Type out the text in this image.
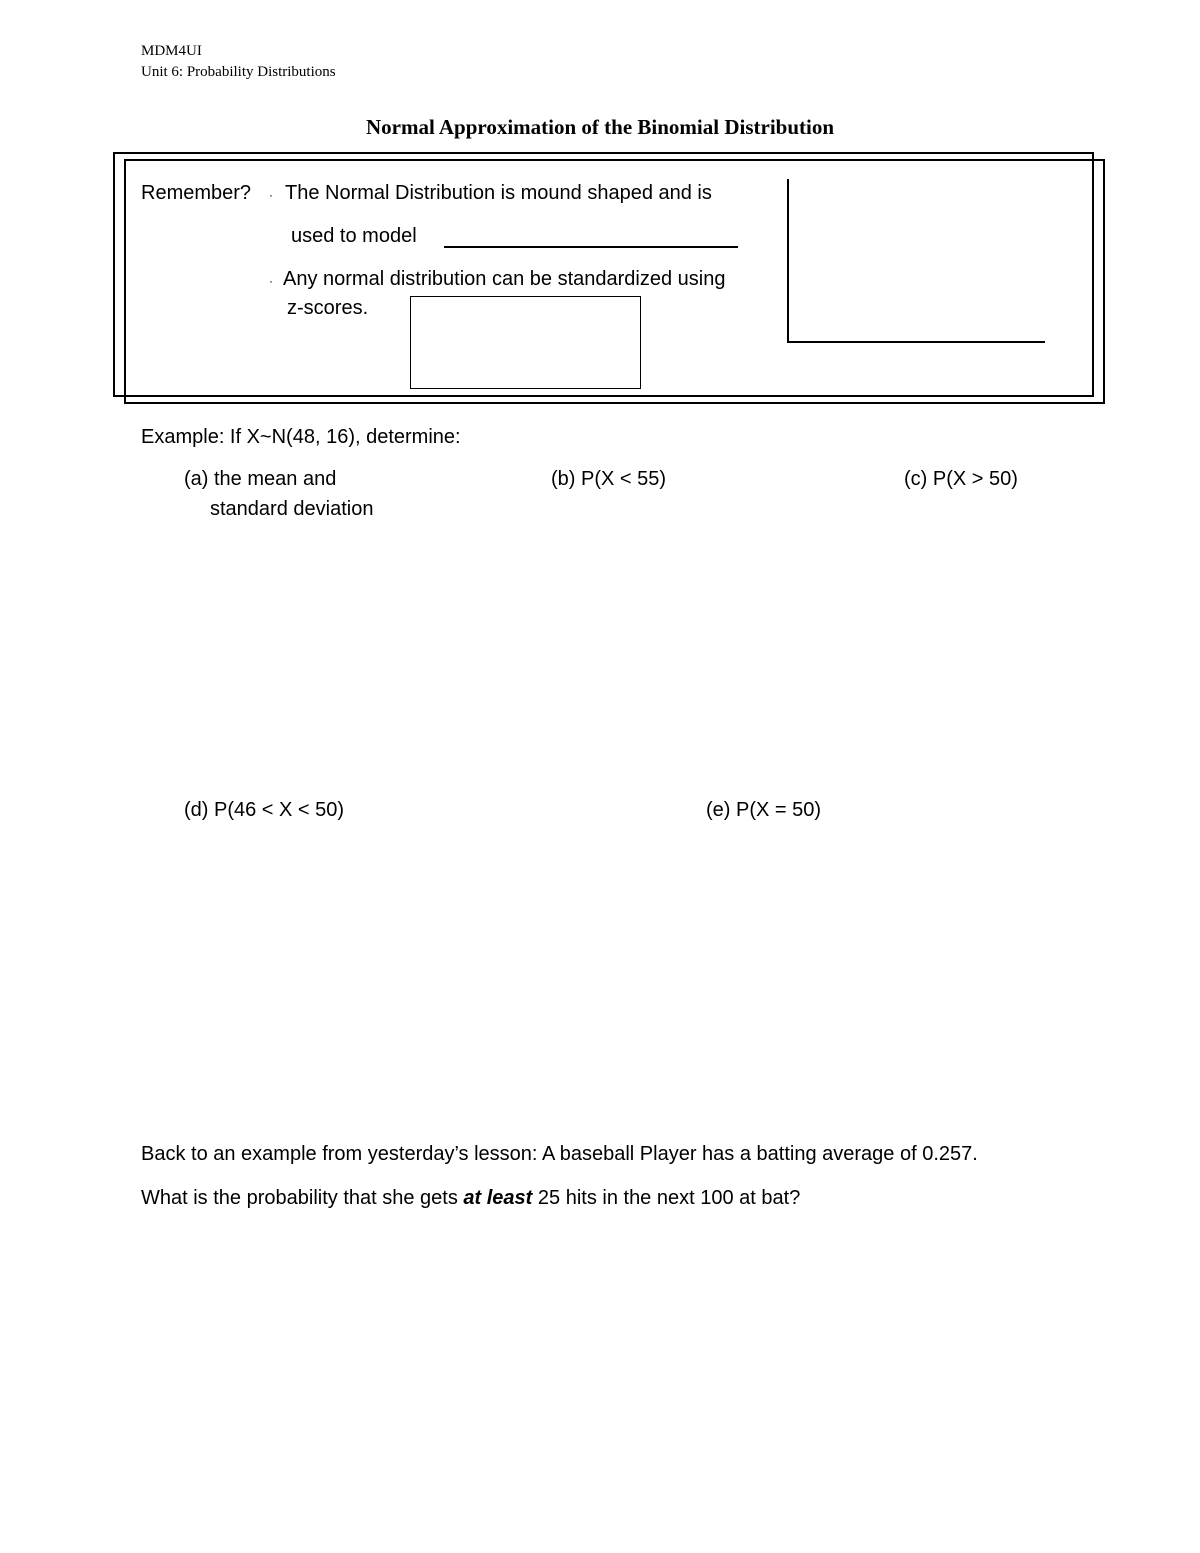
MDM4UI
Unit 6: Probability Distributions
Normal Approximation of the Binomial Distribution
Remember? · The Normal Distribution is mound shaped and is
used to model
· Any normal distribution can be standardized using
z-scores.
Example: If X~N(48, 16), determine:
(a) the mean and
standard deviation
(b) P(X < 55)	(c) P(X > 50)
(d) P(46 < X < 50)	(e) P(X = 50)
Back to an example from yesterday’s lesson: A baseball Player has a batting average of 0.257.
What is the probability that she gets at least 25 hits in the next 100 at bat?
